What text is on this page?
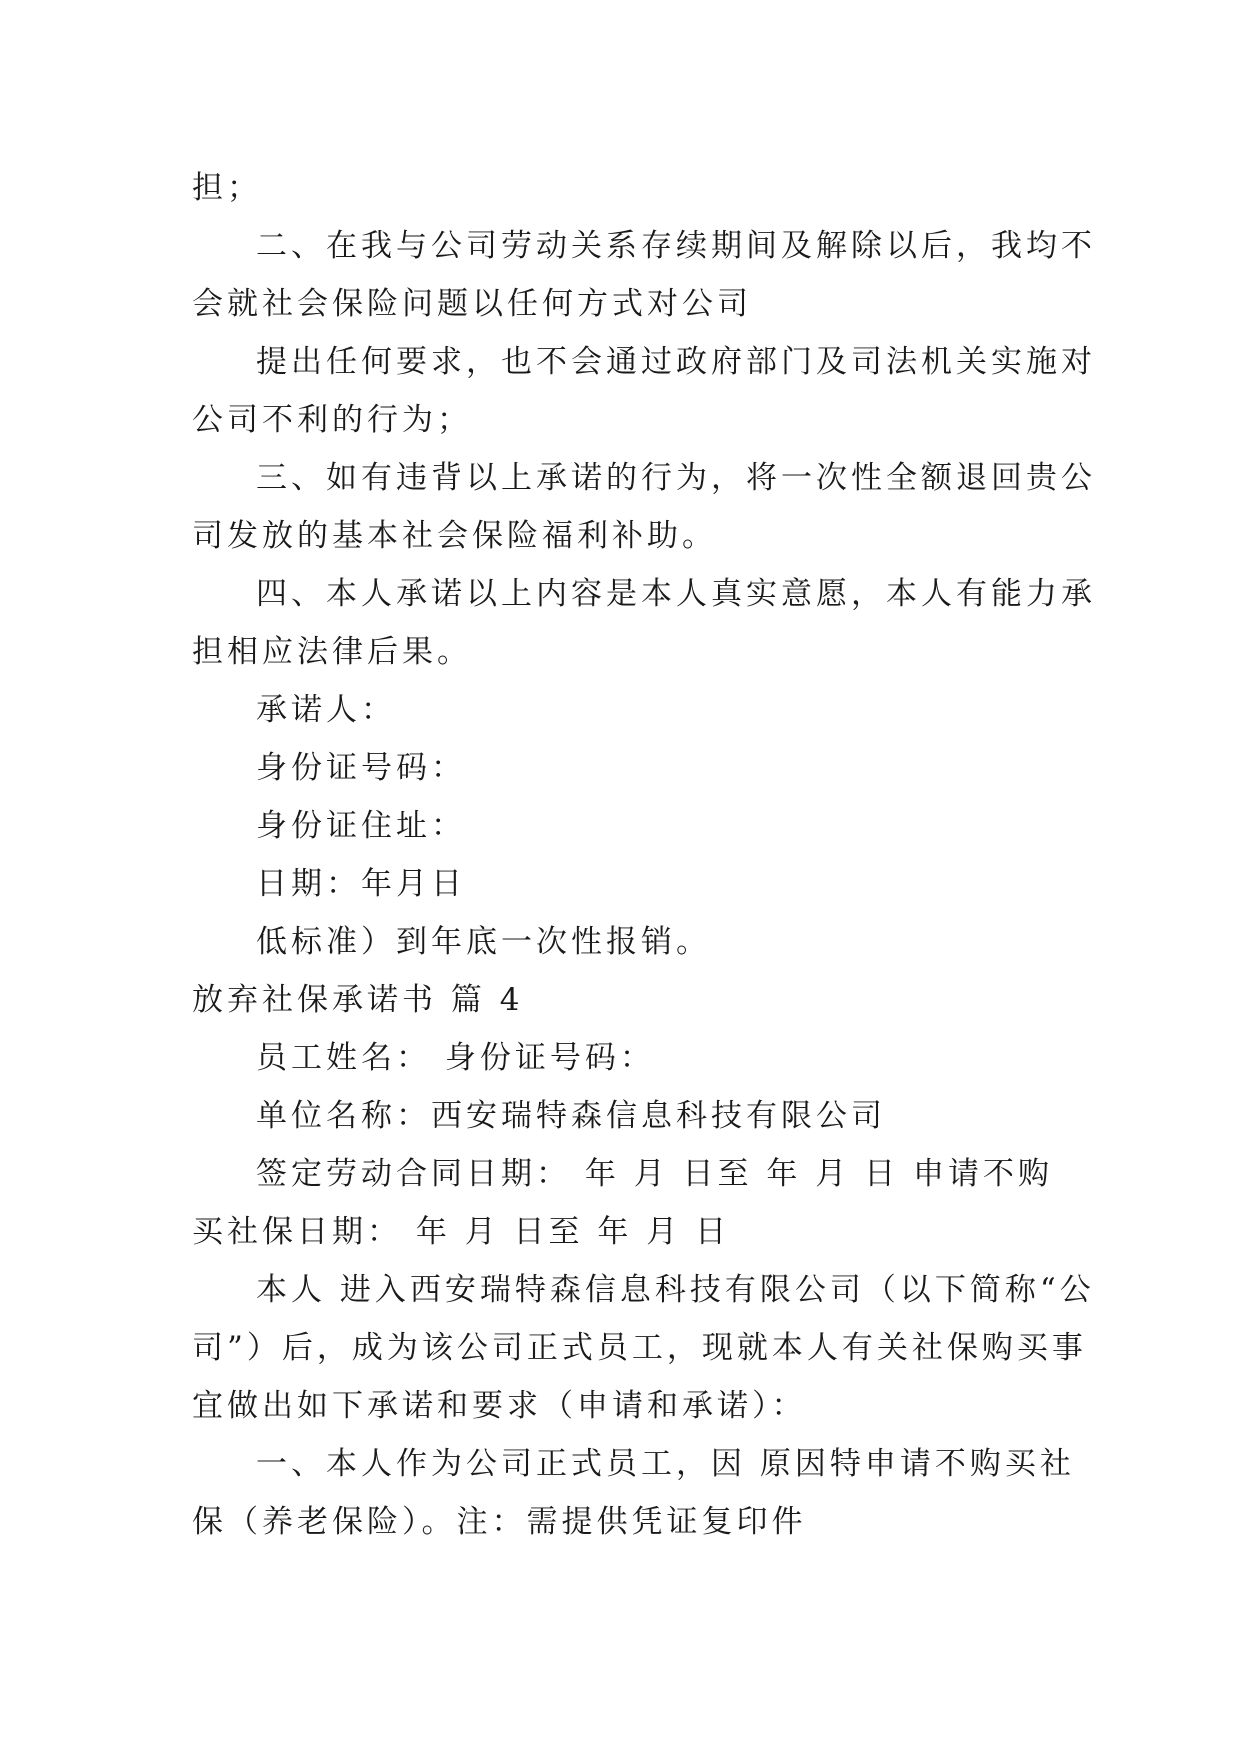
担；
二、在我与公司劳动关系存续期间及解除以后，我均不
会就社会保险问题以任何方式对公司
提出任何要求，也不会通过政府部门及司法机关实施对
公司不利的行为；
三、如有违背以上承诺的行为，将一次性全额退回贵公
司发放的基本社会保险福利补助。
四、本人承诺以上内容是本人真实意愿，本人有能力承
担相应法律后果。
承诺人：
身份证号码：
身份证住址：
日期：年月日
低标准）到年底一次性报销。
放弃社保承诺书 篇 4
员工姓名： 身份证号码：
单位名称：西安瑞特森信息科技有限公司
签定劳动合同日期： 年 月 日至 年 月 日 申请不购
买社保日期： 年 月 日至 年 月 日
本人 进入西安瑞特森信息科技有限公司（以下简称“公
司”）后，成为该公司正式员工，现就本人有关社保购买事
宜做出如下承诺和要求（申请和承诺）：
一、本人作为公司正式员工，因 原因特申请不购买社
保（养老保险）。注：需提供凭证复印件
